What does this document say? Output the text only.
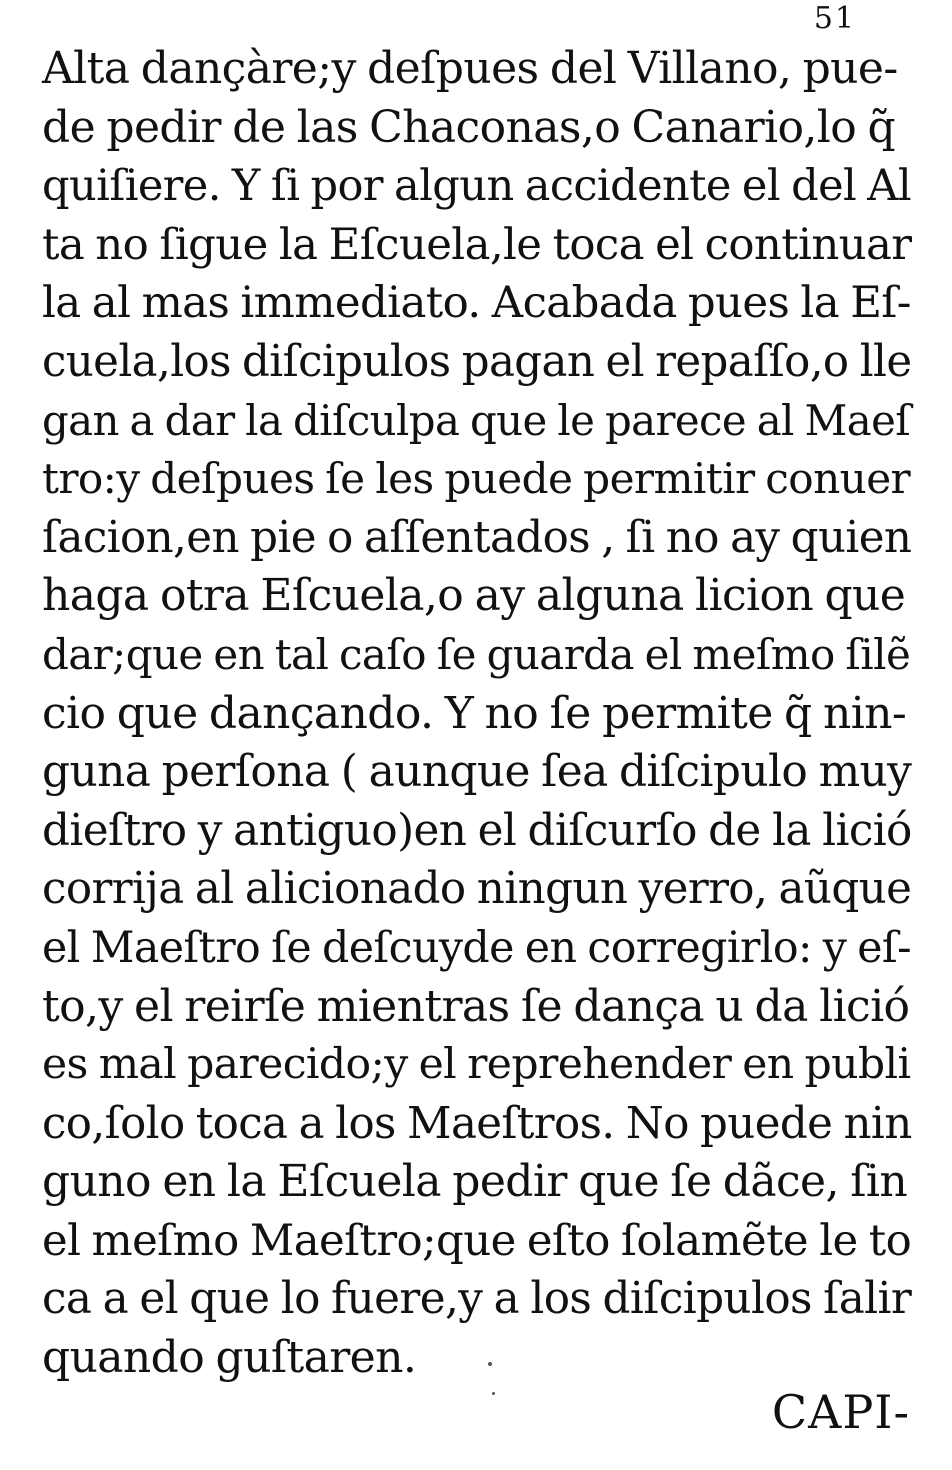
51
Alta dançàre;y deſpues del Villano, pue-
de pedir de las Chaconas,o Canario,lo q̃
quiſiere. Y ſi por algun accidente el del Al
ta no ſigue la Eſcuela,le toca el continuar
la al mas immediato. Acabada pues la Eſ-
cuela,los diſcipulos pagan el repaſſo,o lle
gan a dar la diſculpa que le parece al Maeſ
tro:y deſpues ſe les puede permitir conuer
ſacion,en pie o aſſentados , ſi no ay quien
haga otra Eſcuela,o ay alguna licion que
dar;que en tal caſo ſe guarda el meſmo ſilẽ
cio que dançando. Y no ſe permite q̃ nin-
guna perſona ( aunque ſea diſcipulo muy
dieſtro y antiguo)en el diſcurſo de la lició
corrija al alicionado ningun yerro, aũque
el Maeſtro ſe deſcuyde en corregirlo: y eſ-
to,y el reirſe mientras ſe dança u da lició
es mal parecido;y el reprehender en publi
co,ſolo toca a los Maeſtros. No puede nin
guno en la Eſcuela pedir que ſe dãce, ſin
el meſmo Maeſtro;que eſto ſolamẽte le to
ca a el que lo fuere,y a los diſcipulos ſalir
quando guſtaren.
CAPI-
